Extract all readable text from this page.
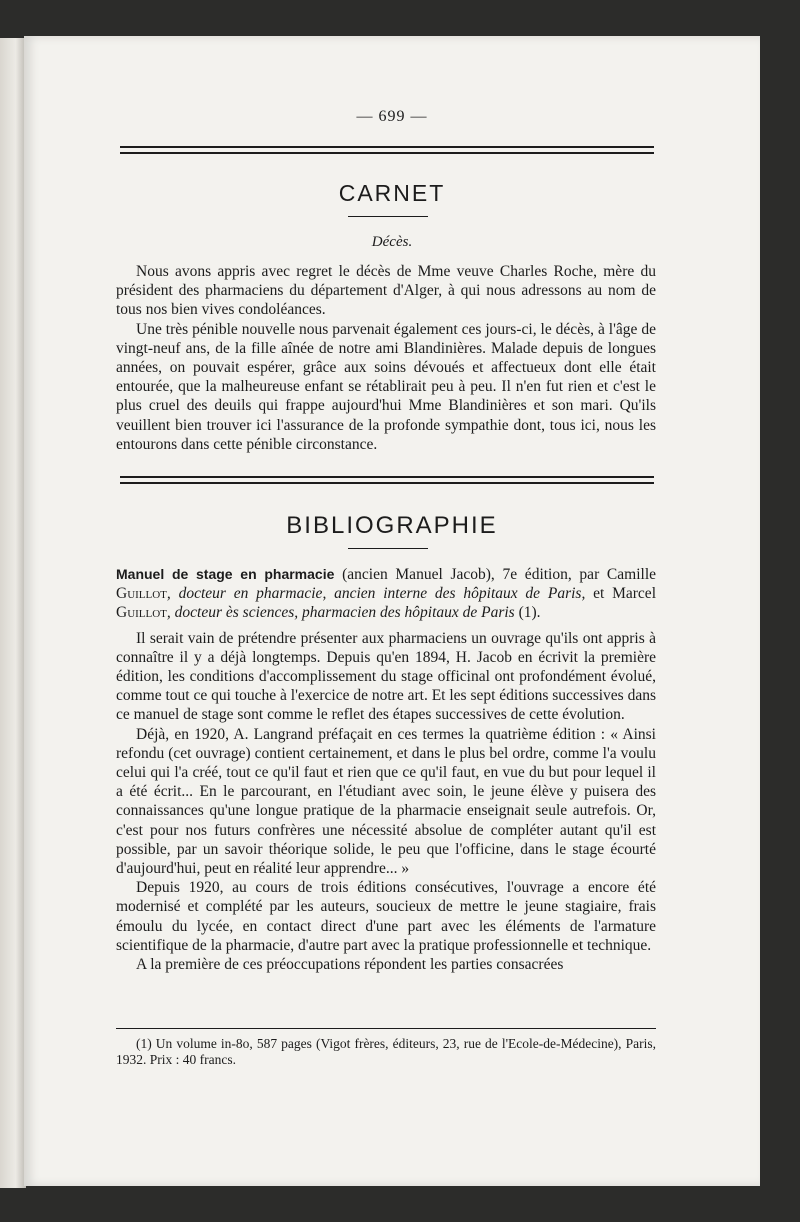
— 699 —
CARNET
Décès.

Nous avons appris avec regret le décès de Mme veuve Charles Roche, mère du président des pharmaciens du département d'Alger, à qui nous adressons au nom de tous nos bien vives condoléances.

Une très pénible nouvelle nous parvenait également ces jours-ci, le décès, à l'âge de vingt-neuf ans, de la fille aînée de notre ami Blandinières. Malade depuis de longues années, on pouvait espérer, grâce aux soins dévoués et affectueux dont elle était entourée, que la malheureuse enfant se rétablirait peu à peu. Il n'en fut rien et c'est le plus cruel des deuils qui frappe aujourd'hui Mme Blandinières et son mari. Qu'ils veuillent bien trouver ici l'assurance de la profonde sympathie dont, tous ici, nous les entourons dans cette pénible circonstance.

BIBLIOGRAPHIE

Manuel de stage en pharmacie (ancien Manuel Jacob), 7e édition, par Camille Guillot, docteur en pharmacie, ancien interne des hôpitaux de Paris, et Marcel Guillot, docteur ès sciences, pharmacien des hôpitaux de Paris (1).

Il serait vain de prétendre présenter aux pharmaciens un ouvrage qu'ils ont appris à connaître il y a déjà longtemps. Depuis qu'en 1894, H. Jacob en écrivit la première édition, les conditions d'accomplissement du stage officinal ont profondément évolué, comme tout ce qui touche à l'exercice de notre art. Et les sept éditions successives dans ce manuel de stage sont comme le reflet des étapes successives de cette évolution.

Déjà, en 1920, A. Langrand préfaçait en ces termes la quatrième édition : « Ainsi refondu (cet ouvrage) contient certainement, et dans le plus bel ordre, comme l'a voulu celui qui l'a créé, tout ce qu'il faut et rien que ce qu'il faut, en vue du but pour lequel il a été écrit... En le parcourant, en l'étudiant avec soin, le jeune élève y puisera des connaissances qu'une longue pratique de la pharmacie enseignait seule autrefois. Or, c'est pour nos futurs confrères une nécessité absolue de compléter autant qu'il est possible, par un savoir théorique solide, le peu que l'officine, dans le stage écourté d'aujourd'hui, peut en réalité leur apprendre... »

Depuis 1920, au cours de trois éditions consécutives, l'ouvrage a encore été modernisé et complété par les auteurs, soucieux de mettre le jeune stagiaire, frais émoulu du lycée, en contact direct d'une part avec les éléments de l'armature scientifique de la pharmacie, d'autre part avec la pratique professionnelle et technique.

A la première de ces préoccupations répondent les parties consacrées

(1) Un volume in-8o, 587 pages (Vigot frères, éditeurs, 23, rue de l'Ecole-de-Médecine), Paris, 1932. Prix : 40 francs.
